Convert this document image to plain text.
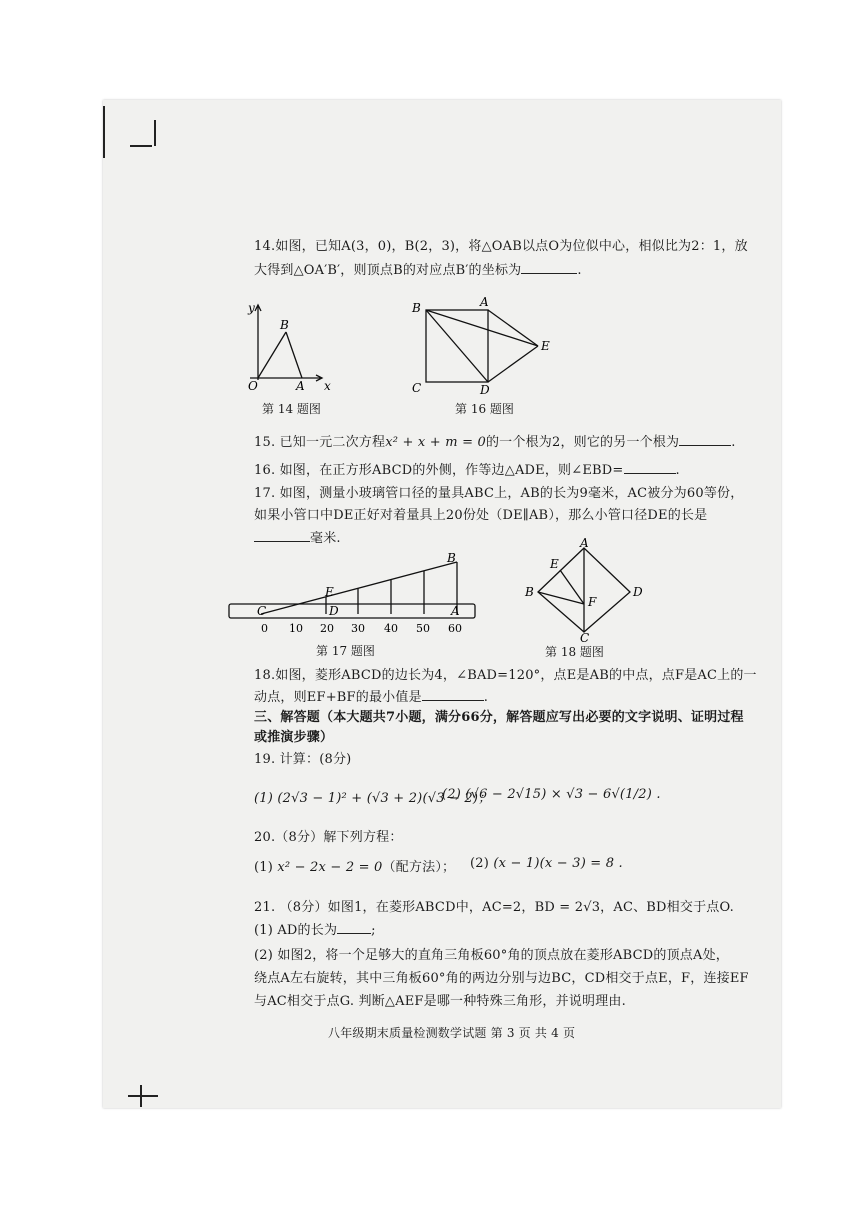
14.如图，已知A(3，0)，B(2，3)，将△OAB以点O为位似中心，相似比为2：1，放
大得到△OA′B′，则顶点B的对应点B′的坐标为	.
y
B
O	A x
第 14 题图
B	A
E
C	D
第 16 题图
15. 已知一元二次方程x² + x + m = 0的一个根为2，则它的另一个根为	.
16. 如图，在正方形ABCD的外侧，作等边△ADE，则∠EBD=	.
17. 如图，测量小玻璃管口径的量具ABC上，AB的长为9毫米，AC被分为60等份，
如果小管口中DE正好对着量具上20份处（DE∥AB），那么小管口径DE的长是
毫米.
B
E
C	D	A
0 10 20 30 40 50 60
第 17 题图
A
E
B
F
D
C
第 18 题图
18.如图，菱形ABCD的边长为4，∠BAD=120°，点E是AB的中点，点F是AC上的一
动点，则EF+BF的最小值是	.
三、解答题（本大题共7小题，满分66分，解答题应写出必要的文字说明、证明过程
或推演步骤）
19. 计算：(8分)
(1) (2√3 − 1)² + (√3 + 2)(√3 − 2)；
(2) (√6 − 2√15) × √3 − 6√(1/2) .
20.（8分）解下列方程：
(1) x² − 2x − 2 = 0（配方法）； (2) (x − 1)(x − 3) = 8 .
21. （8分）如图1，在菱形ABCD中，AC=2，BD = 2√3，AC、BD相交于点O.
(1) AD的长为	;
(2) 如图2，将一个足够大的直角三角板60°角的顶点放在菱形ABCD的顶点A处，
绕点A左右旋转，其中三角板60°角的两边分别与边BC，CD相交于点E，F，连接EF
与AC相交于点G. 判断△AEF是哪一种特殊三角形，并说明理由.
八年级期末质量检测数学试题 第 3 页 共 4 页
